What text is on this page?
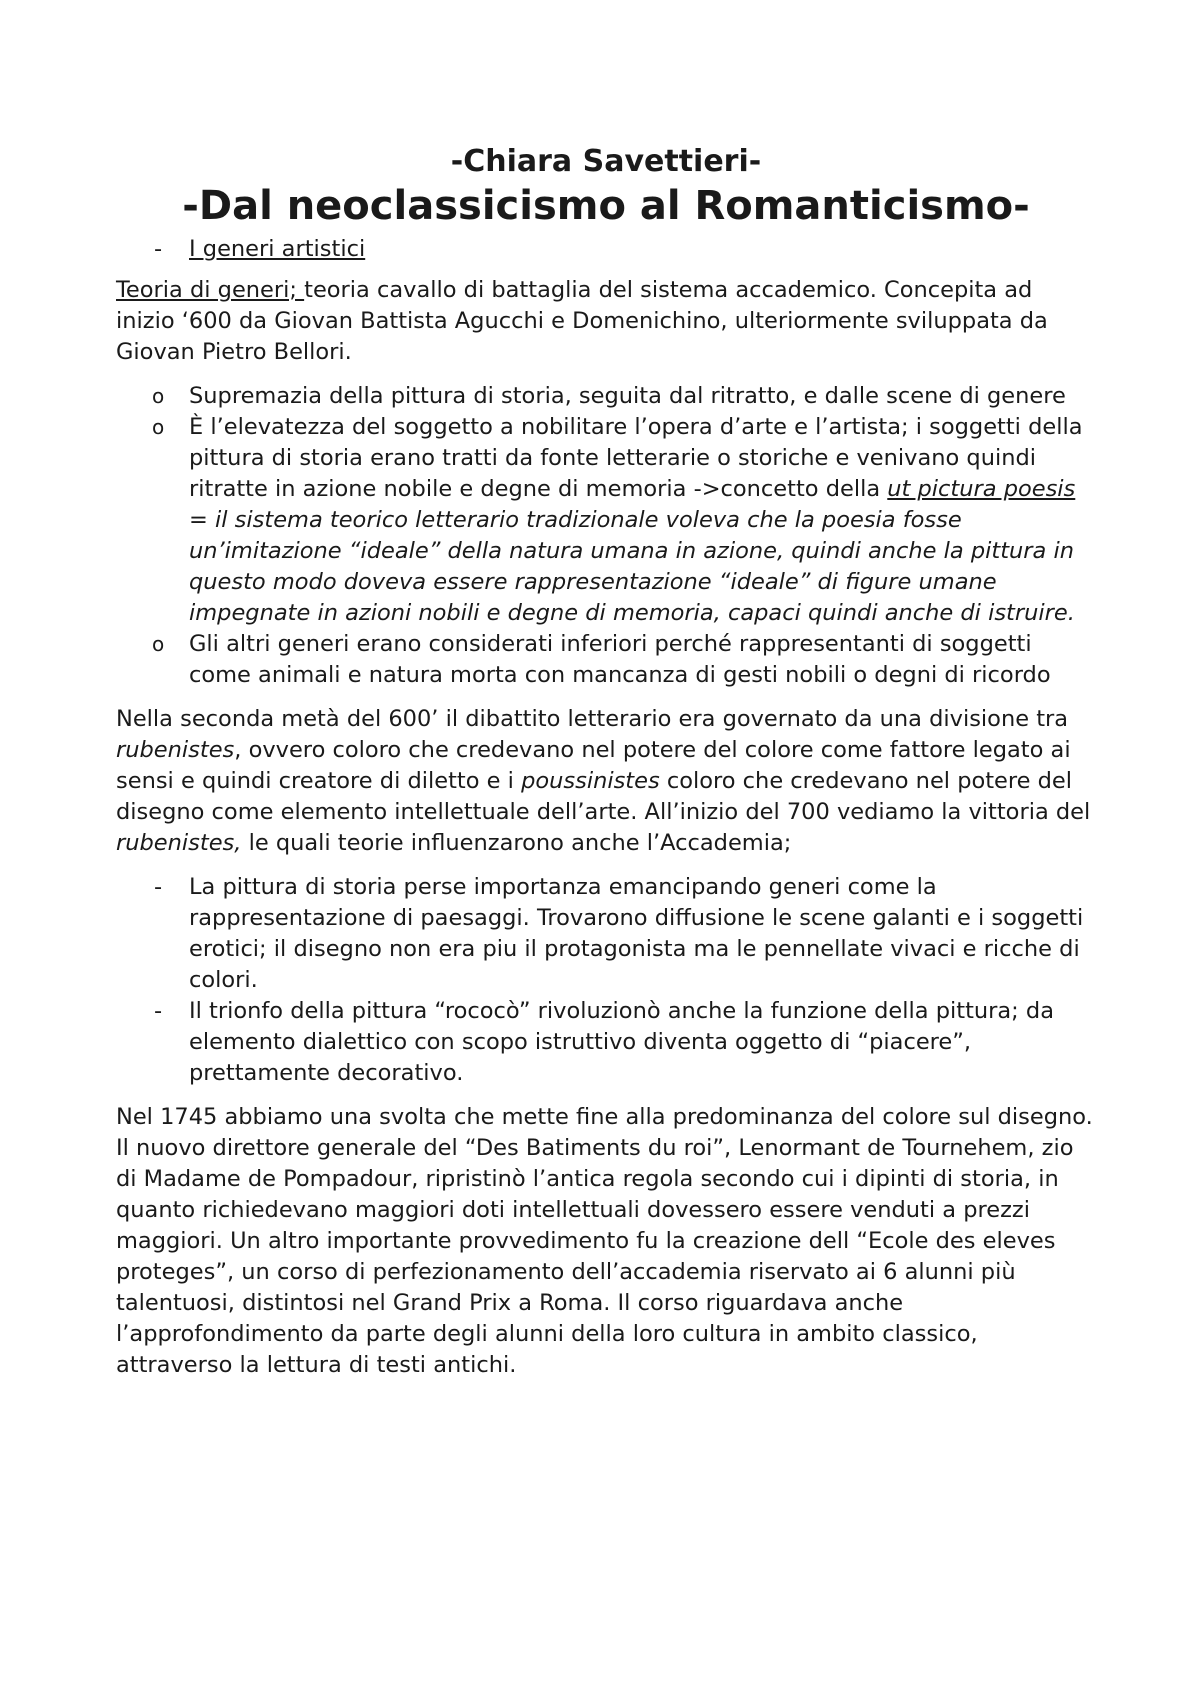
-Chiara Savettieri-
-Dal neoclassicismo al Romanticismo-
- I generi artistici

Teoria di generi; teoria cavallo di battaglia del sistema accademico. Concepita ad inizio ‘600 da Giovan Battista Agucchi e Domenichino, ulteriormente sviluppata da Giovan Pietro Bellori.

o Supremazia della pittura di storia, seguita dal ritratto, e dalle scene di genere
o È l’elevatezza del soggetto a nobilitare l’opera d’arte e l’artista; i soggetti della pittura di storia erano tratti da fonte letterarie o storiche e venivano quindi ritratte in azione nobile e degne di memoria ->concetto della ut pictura poesis = il sistema teorico letterario tradizionale voleva che la poesia fosse un’imitazione “ideale” della natura umana in azione, quindi anche la pittura in questo modo doveva essere rappresentazione “ideale” di figure umane impegnate in azioni nobili e degne di memoria, capaci quindi anche di istruire.
o Gli altri generi erano considerati inferiori perché rappresentanti di soggetti come animali e natura morta con mancanza di gesti nobili o degni di ricordo

Nella seconda metà del 600’ il dibattito letterario era governato da una divisione tra rubenistes, ovvero coloro che credevano nel potere del colore come fattore legato ai sensi e quindi creatore di diletto e i poussinistes coloro che credevano nel potere del disegno come elemento intellettuale dell’arte. All’inizio del 700 vediamo la vittoria del rubenistes, le quali teorie influenzarono anche l’Accademia;

- La pittura di storia perse importanza emancipando generi come la rappresentazione di paesaggi. Trovarono diffusione le scene galanti e i soggetti erotici; il disegno non era piu il protagonista ma le pennellate vivaci e ricche di colori.
- Il trionfo della pittura “rococò” rivoluzionò anche la funzione della pittura; da elemento dialettico con scopo istruttivo diventa oggetto di “piacere”, prettamente decorativo.

Nel 1745 abbiamo una svolta che mette fine alla predominanza del colore sul disegno. Il nuovo direttore generale del “Des Batiments du roi”, Lenormant de Tournehem, zio di Madame de Pompadour, ripristinò l’antica regola secondo cui i dipinti di storia, in quanto richiedevano maggiori doti intellettuali dovessero essere venduti a prezzi maggiori. Un altro importante provvedimento fu la creazione dell “Ecole des eleves proteges”, un corso di perfezionamento dell’accademia riservato ai 6 alunni più talentuosi, distintosi nel Grand Prix a Roma. Il corso riguardava anche l’approfondimento da parte degli alunni della loro cultura in ambito classico, attraverso la lettura di testi antichi.
